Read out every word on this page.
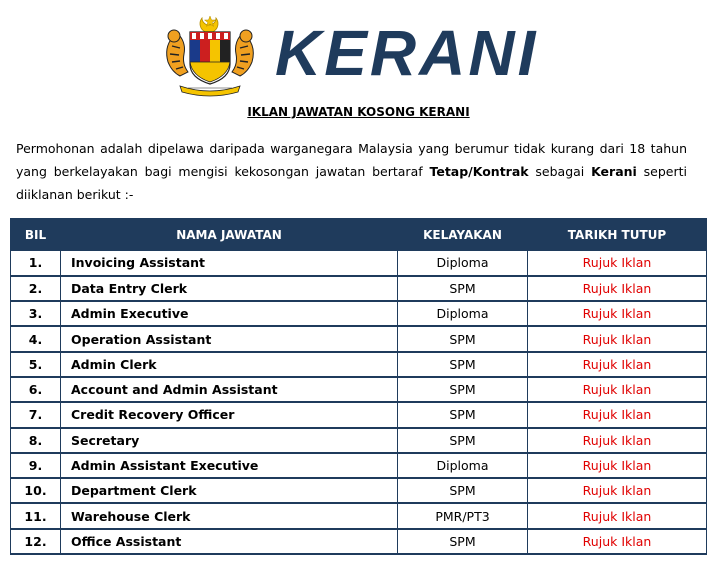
KERANI
IKLAN JAWATAN KOSONG KERANI

Permohonan adalah dipelawa daripada warganegara Malaysia yang berumur tidak kurang dari 18 tahun yang berkelayakan bagi mengisi kekosongan jawatan bertaraf Tetap/Kontrak sebagai Kerani seperti diiklanan berikut :-

BIL	NAMA JAWATAN	KELAYAKAN	TARIKH TUTUP
1.	Invoicing Assistant	Diploma	Rujuk Iklan
2.	Data Entry Clerk	SPM	Rujuk Iklan
3.	Admin Executive	Diploma	Rujuk Iklan
4.	Operation Assistant	SPM	Rujuk Iklan
5.	Admin Clerk	SPM	Rujuk Iklan
6.	Account and Admin Assistant	SPM	Rujuk Iklan
7.	Credit Recovery Officer	SPM	Rujuk Iklan
8.	Secretary	SPM	Rujuk Iklan
9.	Admin Assistant Executive	Diploma	Rujuk Iklan
10.	Department Clerk	SPM	Rujuk Iklan
11.	Warehouse Clerk	PMR/PT3	Rujuk Iklan
12.	Office Assistant	SPM	Rujuk Iklan
